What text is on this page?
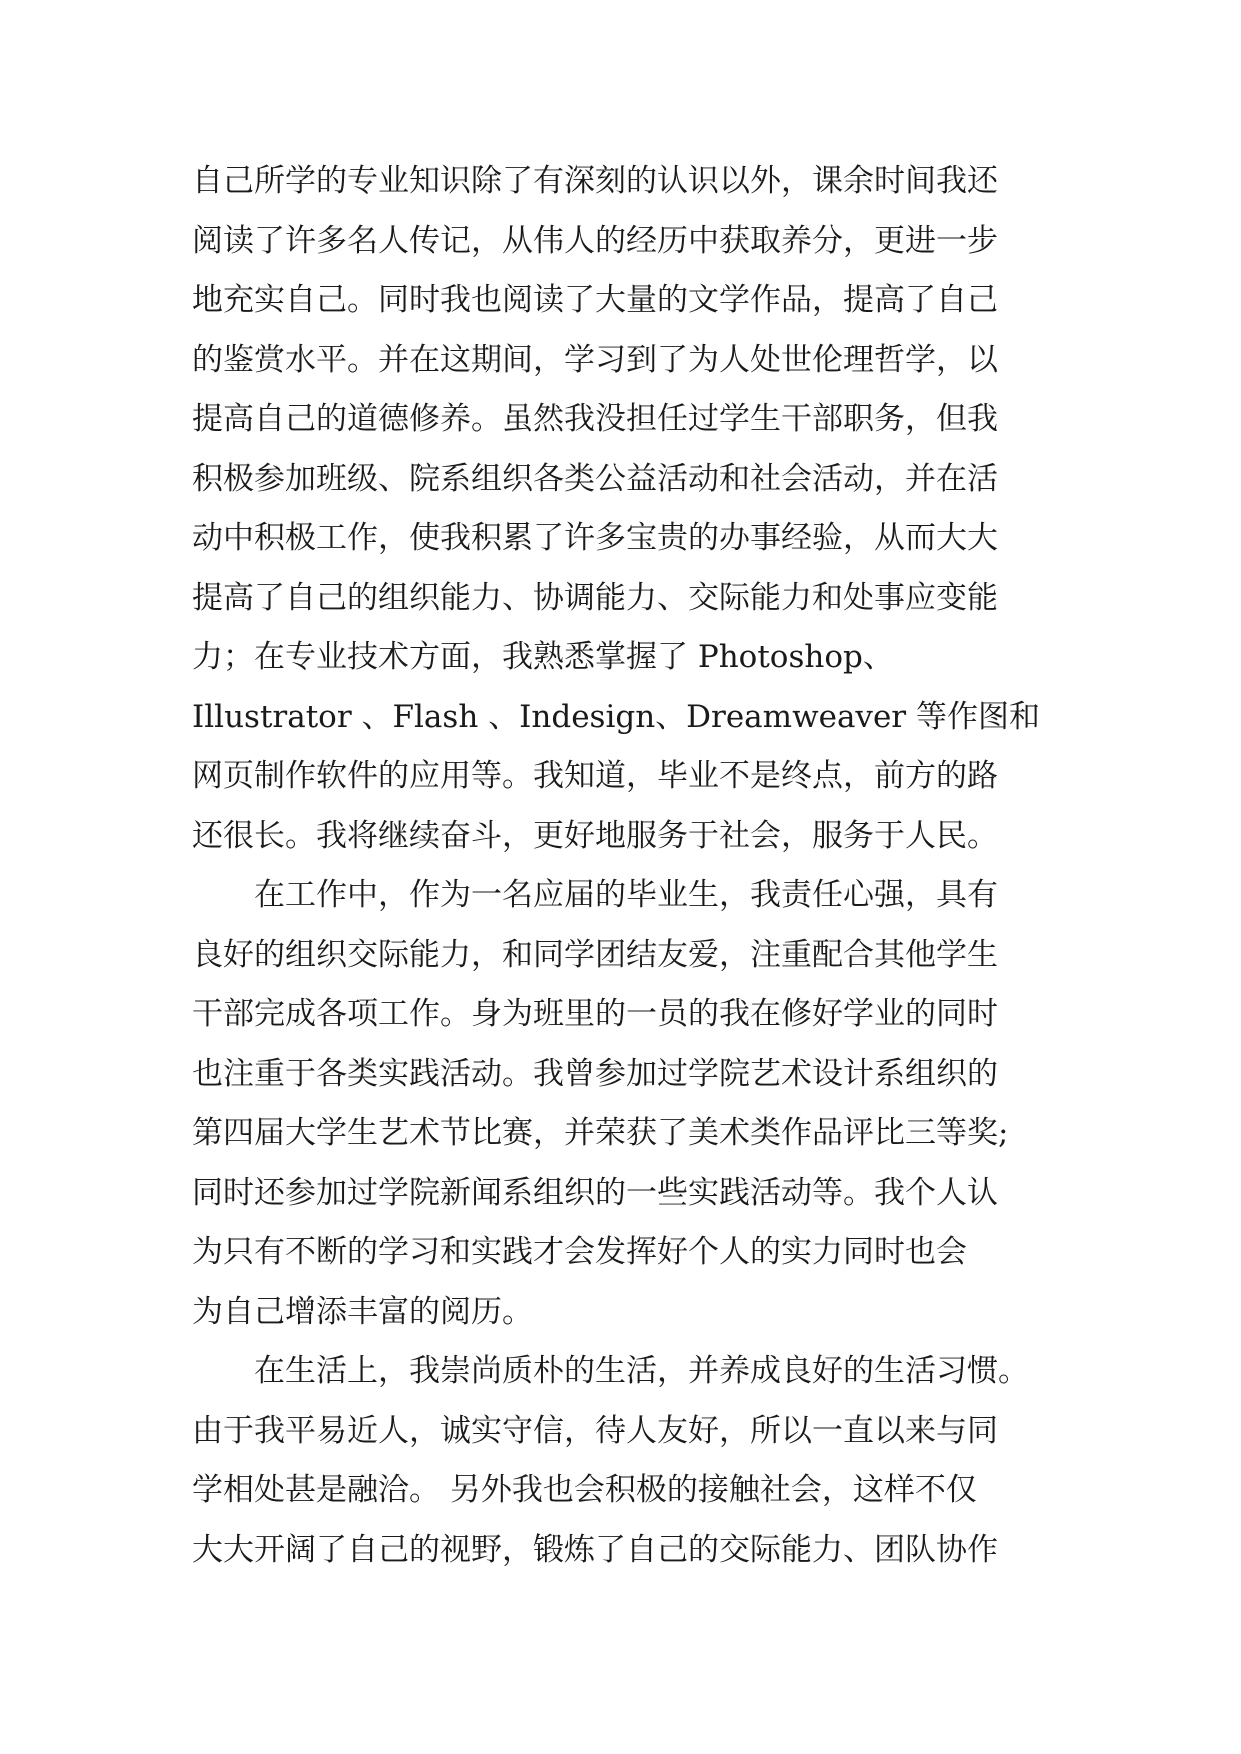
自己所学的专业知识除了有深刻的认识以外，课余时间我还
阅读了许多名人传记，从伟人的经历中获取养分，更进一步
地充实自己。同时我也阅读了大量的文学作品，提高了自己
的鉴赏水平。并在这期间，学习到了为人处世伦理哲学，以
提高自己的道德修养。虽然我没担任过学生干部职务，但我
积极参加班级、院系组织各类公益活动和社会活动，并在活
动中积极工作，使我积累了许多宝贵的办事经验，从而大大
提高了自己的组织能力、协调能力、交际能力和处事应变能
力；在专业技术方面，我熟悉掌握了 Photoshop、
Illustrator 、Flash 、Indesign、Dreamweaver 等作图和
网页制作软件的应用等。我知道，毕业不是终点，前方的路
还很长。我将继续奋斗，更好地服务于社会，服务于人民。
在工作中，作为一名应届的毕业生，我责任心强，具有
良好的组织交际能力，和同学团结友爱，注重配合其他学生
干部完成各项工作。身为班里的一员的我在修好学业的同时
也注重于各类实践活动。我曾参加过学院艺术设计系组织的
第四届大学生艺术节比赛，并荣获了美术类作品评比三等奖;
同时还参加过学院新闻系组织的一些实践活动等。我个人认
为只有不断的学习和实践才会发挥好个人的实力同时也会
为自己增添丰富的阅历。
在生活上，我崇尚质朴的生活，并养成良好的生活习惯。
由于我平易近人，诚实守信，待人友好，所以一直以来与同
学相处甚是融洽。 另外我也会积极的接触社会，这样不仅
大大开阔了自己的视野，锻炼了自己的交际能力、团队协作
